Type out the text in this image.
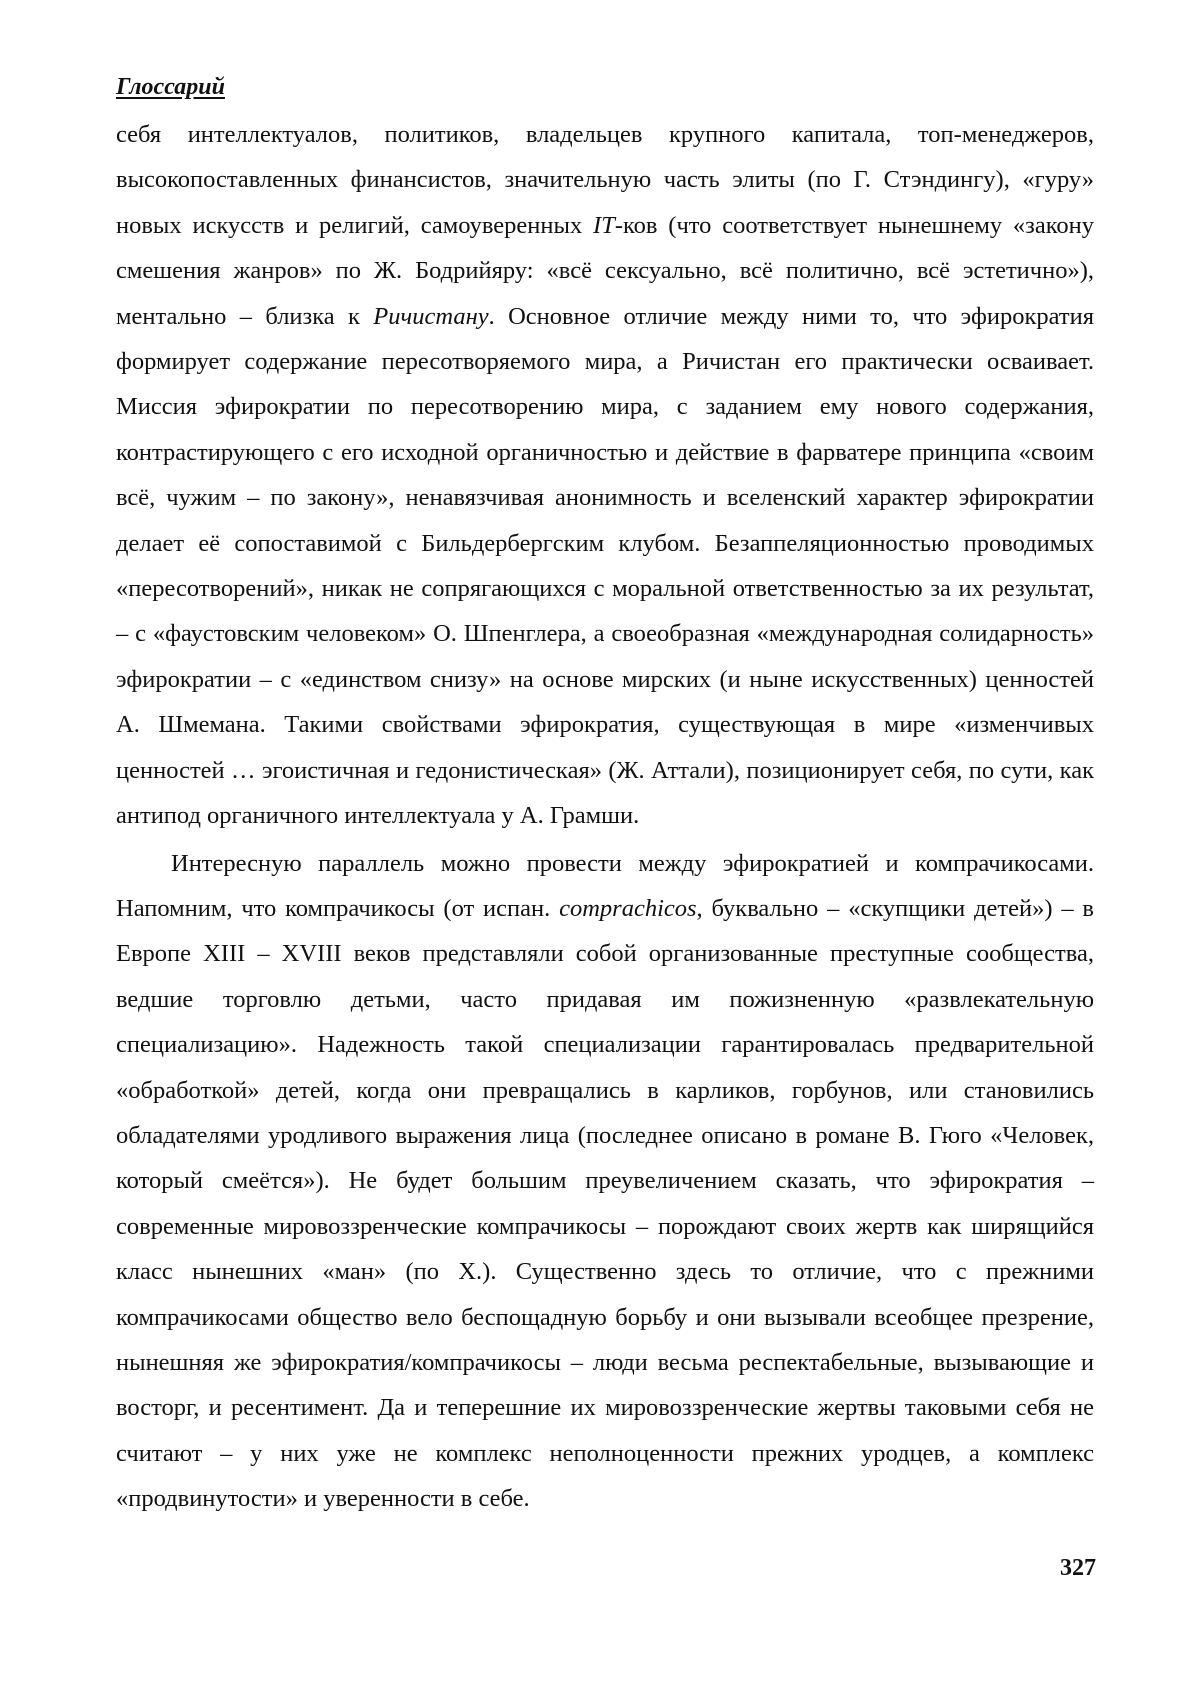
Глоссарий

себя интеллектуалов, политиков, владельцев крупного капитала, топ-менеджеров, высокопоставленных финансистов, значительную часть элиты (по Г. Стэндингу), «гуру» новых искусств и религий, самоуверенных IT-ков (что соответствует нынешнему «закону смешения жанров» по Ж. Бодрийяру: «всё сексуально, всё политично, всё эстетично»), ментально – близка к Ричистану. Основное отличие между ними то, что эфирократия формирует содержание пересотворяемого мира, а Ричистан его практически осваивает. Миссия эфирократии по пересотворению мира, с заданием ему нового содержания, контрастирующего с его исходной органичностью и действие в фарватере принципа «своим всё, чужим – по закону», ненавязчивая анонимность и вселенский характер эфирократии делает её сопоставимой с Бильдербергским клубом. Безаппеляционностью проводимых «пересотворений», никак не сопрягающихся с моральной ответственностью за их результат, – с «фаустовским человеком» О. Шпенглера, а своеобразная «международная солидарность» эфирократии – с «единством снизу» на основе мирских (и ныне искусственных) ценностей А. Шмемана. Такими свойствами эфирократия, существующая в мире «изменчивых ценностей … эгоистичная и гедонистическая» (Ж. Аттали), позиционирует себя, по сути, как антипод органичного интеллектуала у А. Грамши.

Интересную параллель можно провести между эфирократией и компрачикосами. Напомним, что компрачикосы (от испан. comprachicos, буквально – «скупщики детей») – в Европе XIII – XVIII веков представляли собой организованные преступные сообщества, ведшие торговлю детьми, часто придавая им пожизненную «развлекательную специализацию». Надежность такой специализации гарантировалась предварительной «обработкой» детей, когда они превращались в карликов, горбунов, или становились обладателями уродливого выражения лица (последнее описано в романе В. Гюго «Человек, который смеётся»). Не будет большим преувеличением сказать, что эфирократия – современные мировоззренческие компрачикосы – порождают своих жертв как ширящийся класс нынешних «ман» (по Х.). Существенно здесь то отличие, что с прежними компрачикосами общество вело беспощадную борьбу и они вызывали всеобщее презрение, нынешняя же эфирократия/компрачикосы – люди весьма респектабельные, вызывающие и восторг, и ресентимент. Да и теперешние их мировоззренческие жертвы таковыми себя не считают – у них уже не комплекс неполноценности прежних уродцев, а комплекс «продвинутости» и уверенности в себе.

327
